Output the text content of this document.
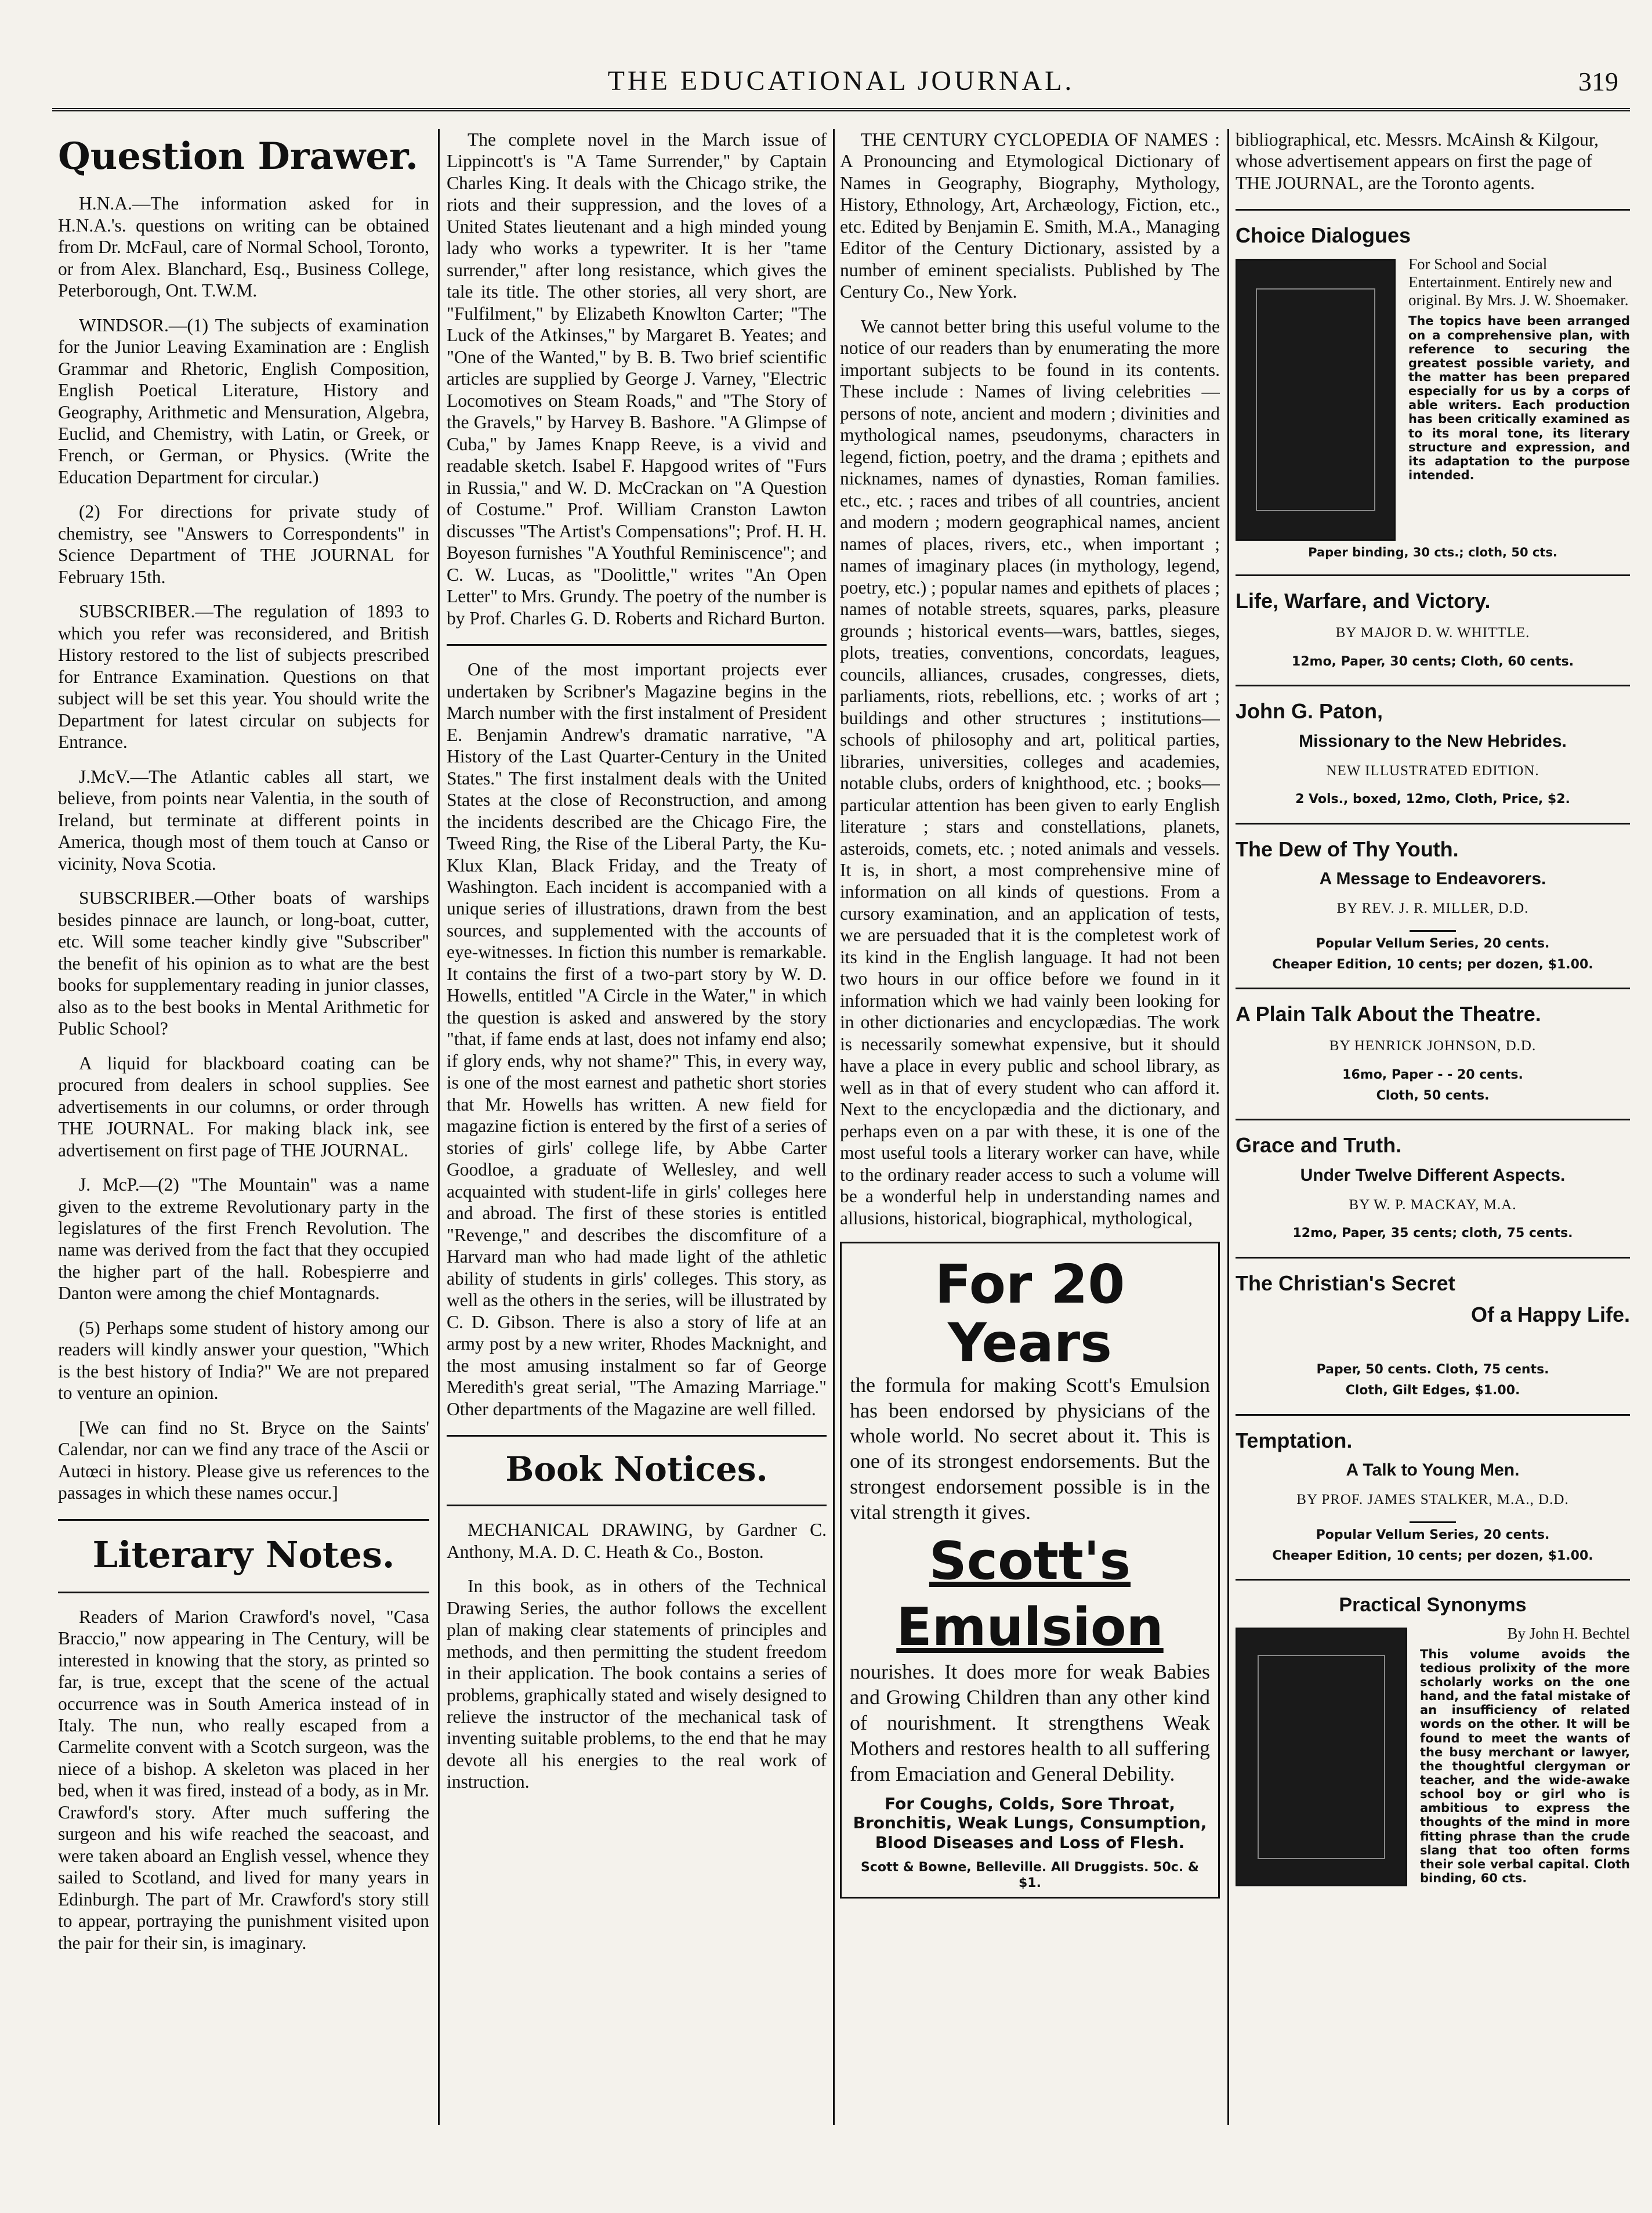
THE EDUCATIONAL JOURNAL.	319
Question Drawer.

H.N.A.—The information asked for in H.N.A.'s. questions on writing can be obtained from Dr. McFaul, care of Normal School, Toronto, or from Alex. Blanchard, Esq., Business College, Peterborough, Ont. T.W.M.

WINDSOR.—(1) The subjects of examination for the Junior Leaving Examination are : English Grammar and Rhetoric, English Composition, English Poetical Literature, History and Geography, Arithmetic and Mensuration, Algebra, Euclid, and Chemistry, with Latin, or Greek, or French, or German, or Physics. (Write the Education Department for circular.)

(2) For directions for private study of chemistry, see "Answers to Correspondents" in Science Department of THE JOURNAL for February 15th.

SUBSCRIBER.—The regulation of 1893 to which you refer was reconsidered, and British History restored to the list of subjects prescribed for Entrance Examination. Questions on that subject will be set this year. You should write the Department for latest circular on subjects for Entrance.

J.McV.—The Atlantic cables all start, we believe, from points near Valentia, in the south of Ireland, but terminate at different points in America, though most of them touch at Canso or vicinity, Nova Scotia.

SUBSCRIBER.—Other boats of warships besides pinnace are launch, or long-boat, cutter, etc. Will some teacher kindly give "Subscriber" the benefit of his opinion as to what are the best books for supplementary reading in junior classes, also as to the best books in Mental Arithmetic for Public School?

A liquid for blackboard coating can be procured from dealers in school supplies. See advertisements in our columns, or order through THE JOURNAL. For making black ink, see advertisement on first page of THE JOURNAL.

J. McP.—(2) "The Mountain" was a name given to the extreme Revolutionary party in the legislatures of the first French Revolution. The name was derived from the fact that they occupied the higher part of the hall. Robespierre and Danton were among the chief Montagnards.

(5) Perhaps some student of history among our readers will kindly answer your question, "Which is the best history of India?" We are not prepared to venture an opinion.

[We can find no St. Bryce on the Saints' Calendar, nor can we find any trace of the Ascii or Autœci in history. Please give us references to the passages in which these names occur.]

Literary Notes.

Readers of Marion Crawford's novel, "Casa Braccio," now appearing in The Century, will be interested in knowing that the story, as printed so far, is true, except that the scene of the actual occurrence was in South America instead of in Italy. The nun, who really escaped from a Carmelite convent with a Scotch surgeon, was the niece of a bishop. A skeleton was placed in her bed, when it was fired, instead of a body, as in Mr. Crawford's story. After much suffering the surgeon and his wife reached the seacoast, and were taken aboard an English vessel, whence they sailed to Scotland, and lived for many years in Edinburgh. The part of Mr. Crawford's story still to appear, portraying the punishment visited upon the pair for their sin, is imaginary.

The complete novel in the March issue of Lippincott's is "A Tame Surrender," by Captain Charles King. It deals with the Chicago strike, the riots and their suppression, and the loves of a United States lieutenant and a high minded young lady who works a typewriter. It is her "tame surrender," after long resistance, which gives the tale its title. The other stories, all very short, are "Fulfilment," by Elizabeth Knowlton Carter; "The Luck of the Atkinses," by Margaret B. Yeates; and "One of the Wanted," by B. B. Two brief scientific articles are supplied by George J. Varney, "Electric Locomotives on Steam Roads," and "The Story of the Gravels," by Harvey B. Bashore. "A Glimpse of Cuba," by James Knapp Reeve, is a vivid and readable sketch. Isabel F. Hapgood writes of "Furs in Russia," and W. D. McCrackan on "A Question of Costume." Prof. William Cranston Lawton discusses "The Artist's Compensations"; Prof. H. H. Boyeson furnishes "A Youthful Reminiscence"; and C. W. Lucas, as "Doolittle," writes "An Open Letter" to Mrs. Grundy. The poetry of the number is by Prof. Charles G. D. Roberts and Richard Burton.

One of the most important projects ever undertaken by Scribner's Magazine begins in the March number with the first instalment of President E. Benjamin Andrew's dramatic narrative, "A History of the Last Quarter-Century in the United States." The first instalment deals with the United States at the close of Reconstruction, and among the incidents described are the Chicago Fire, the Tweed Ring, the Rise of the Liberal Party, the Ku-Klux Klan, Black Friday, and the Treaty of Washington. Each incident is accompanied with a unique series of illustrations, drawn from the best sources, and supplemented with the accounts of eye-witnesses. In fiction this number is remarkable. It contains the first of a two-part story by W. D. Howells, entitled "A Circle in the Water," in which the question is asked and answered by the story "that, if fame ends at last, does not infamy end also; if glory ends, why not shame?" This, in every way, is one of the most earnest and pathetic short stories that Mr. Howells has written. A new field for magazine fiction is entered by the first of a series of stories of girls' college life, by Abbe Carter Goodloe, a graduate of Wellesley, and well acquainted with student-life in girls' colleges here and abroad. The first of these stories is entitled "Revenge," and describes the discomfiture of a Harvard man who had made light of the athletic ability of students in girls' colleges. This story, as well as the others in the series, will be illustrated by C. D. Gibson. There is also a story of life at an army post by a new writer, Rhodes Macknight, and the most amusing instalment so far of George Meredith's great serial, "The Amazing Marriage." Other departments of the Magazine are well filled.

Book Notices.

MECHANICAL DRAWING, by Gardner C. Anthony, M.A. D. C. Heath & Co., Boston.

In this book, as in others of the Technical Drawing Series, the author follows the excellent plan of making clear statements of principles and methods, and then permitting the student freedom in their application. The book contains a series of problems, graphically stated and wisely designed to relieve the instructor of the mechanical task of inventing suitable problems, to the end that he may devote all his energies to the real work of instruction.

THE CENTURY CYCLOPEDIA OF NAMES : A Pronouncing and Etymological Dictionary of Names in Geography, Biography, Mythology, History, Ethnology, Art, Archæology, Fiction, etc., etc. Edited by Benjamin E. Smith, M.A., Managing Editor of the Century Dictionary, assisted by a number of eminent specialists. Published by The Century Co., New York.

We cannot better bring this useful volume to the notice of our readers than by enumerating the more important subjects to be found in its contents. These include : Names of living celebrities — persons of note, ancient and modern ; divinities and mythological names, pseudonyms, characters in legend, fiction, poetry, and the drama ; epithets and nicknames, names of dynasties, Roman families. etc., etc. ; races and tribes of all countries, ancient and modern ; modern geographical names, ancient names of places, rivers, etc., when important ; names of imaginary places (in mythology, legend, poetry, etc.) ; popular names and epithets of places ; names of notable streets, squares, parks, pleasure grounds ; historical events—wars, battles, sieges, plots, treaties, conventions, concordats, leagues, councils, alliances, crusades, congresses, diets, parliaments, riots, rebellions, etc. ; works of art ; buildings and other structures ; institutions—schools of philosophy and art, political parties, libraries, universities, colleges and academies, notable clubs, orders of knighthood, etc. ; books—particular attention has been given to early English literature ; stars and constellations, planets, asteroids, comets, etc. ; noted animals and vessels. It is, in short, a most comprehensive mine of information on all kinds of questions. From a cursory examination, and an application of tests, we are persuaded that it is the completest work of its kind in the English language. It had not been two hours in our office before we found in it information which we had vainly been looking for in other dictionaries and encyclopædias. The work is necessarily somewhat expensive, but it should have a place in every public and school library, as well as in that of every student who can afford it. Next to the encyclopædia and the dictionary, and perhaps even on a par with these, it is one of the most useful tools a literary worker can have, while to the ordinary reader access to such a volume will be a wonderful help in understanding names and allusions, historical, biographical, mythological,

For 20 Years
the formula for making Scott's Emulsion has been endorsed by physicians of the whole world. No secret about it. This is one of its strongest endorsements. But the strongest endorsement possible is in the vital strength it gives.
Scott's
Emulsion
nourishes. It does more for weak Babies and Growing Children than any other kind of nourishment. It strengthens Weak Mothers and restores health to all suffering from Emaciation and General Debility.
For Coughs, Colds, Sore Throat, Bronchitis, Weak Lungs, Consumption, Blood Diseases and Loss of Flesh.
Scott & Bowne, Belleville. All Druggists. 50c. & $1.

bibliographical, etc. Messrs. McAinsh & Kilgour, whose advertisement appears on first the page of THE JOURNAL, are the Toronto agents.

Choice Dialogues
For School and Social Entertainment. Entirely new and original. By Mrs. J. W. Shoemaker.
The topics have been arranged on a comprehensive plan, with reference to securing the greatest possible variety, and the matter has been prepared especially for us by a corps of able writers. Each production has been critically examined as to its moral tone, its literary structure and expression, and its adaptation to the purpose intended.
Paper binding, 30 cts.; cloth, 50 cts.
Life, Warfare, and Victory.
BY MAJOR D. W. WHITTLE.
12mo, Paper, 30 cents; Cloth, 60 cents.
John G. Paton,
Missionary to the New Hebrides.
NEW ILLUSTRATED EDITION.
2 Vols., boxed, 12mo, Cloth, Price, $2.
The Dew of Thy Youth.
A Message to Endeavorers.
BY REV. J. R. MILLER, D.D.
Popular Vellum Series, 20 cents.
Cheaper Edition, 10 cents; per dozen, $1.00.
A Plain Talk About the Theatre.
BY HENRICK JOHNSON, D.D.
16mo, Paper - - 20 cents.
Cloth, 50 cents.
Grace and Truth.
Under Twelve Different Aspects.
BY W. P. MACKAY, M.A.
12mo, Paper, 35 cents; cloth, 75 cents.
The Christian's Secret
Of a Happy Life.
Paper, 50 cents. Cloth, 75 cents.
Cloth, Gilt Edges, $1.00.
Temptation.
A Talk to Young Men.
BY PROF. JAMES STALKER, M.A., D.D.
Popular Vellum Series, 20 cents.
Cheaper Edition, 10 cents; per dozen, $1.00.
Practical Synonyms
By John H. Bechtel
This volume avoids the tedious prolixity of the more scholarly works on the one hand, and the fatal mistake of an insufficiency of related words on the other. It will be found to meet the wants of the busy merchant or lawyer, the thoughtful clergyman or teacher, and the wide-awake school boy or girl who is ambitious to express the thoughts of the mind in more fitting phrase than the crude slang that too often forms their sole verbal capital. Cloth binding, 60 cts.
